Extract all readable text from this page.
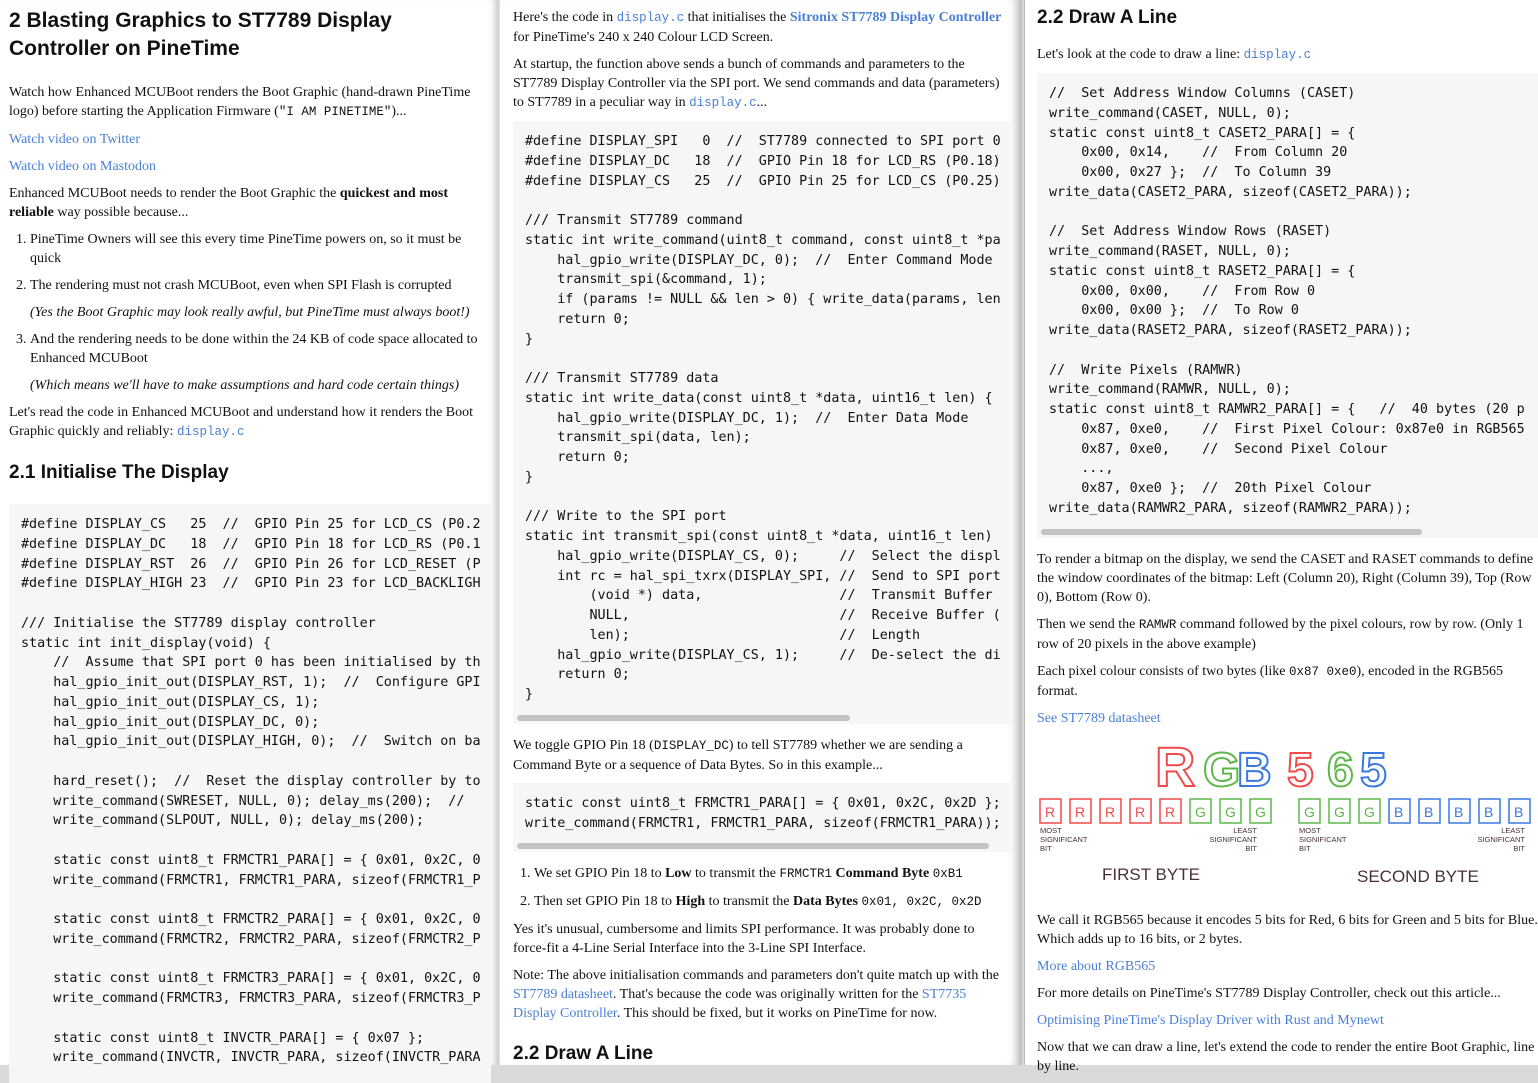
2 Blasting Graphics to ST7789 Display Controller on PineTime
Watch how Enhanced MCUBoot renders the Boot Graphic (hand-drawn PineTime logo) before starting the Application Firmware ("I AM PINETIME")...
Watch video on Twitter
Watch video on Mastodon
Enhanced MCUBoot needs to render the Boot Graphic the quickest and most reliable way possible because...
1. PineTime Owners will see this every time PineTime powers on, so it must be quick
2. The rendering must not crash MCUBoot, even when SPI Flash is corrupted
(Yes the Boot Graphic may look really awful, but PineTime must always boot!)
3. And the rendering needs to be done within the 24 KB of code space allocated to Enhanced MCUBoot
(Which means we'll have to make assumptions and hard code certain things)
Let's read the code in Enhanced MCUBoot and understand how it renders the Boot Graphic quickly and reliably: display.c
2.1 Initialise The Display
#define DISPLAY_CS   25  //  GPIO Pin 25 for LCD_CS (P0.2
#define DISPLAY_DC   18  //  GPIO Pin 18 for LCD_RS (P0.1
#define DISPLAY_RST  26  //  GPIO Pin 26 for LCD_RESET (P
#define DISPLAY_HIGH 23  //  GPIO Pin 23 for LCD_BACKLIGH

/// Initialise the ST7789 display controller
static int init_display(void) {
//  Assume that SPI port 0 has been initialised by th
hal_gpio_init_out(DISPLAY_RST, 1);  //  Configure GPI
hal_gpio_init_out(DISPLAY_CS, 1);
hal_gpio_init_out(DISPLAY_DC, 0);
hal_gpio_init_out(DISPLAY_HIGH, 0);  //  Switch on ba

hard_reset();  //  Reset the display controller by to
write_command(SWRESET, NULL, 0); delay_ms(200);  //
write_command(SLPOUT, NULL, 0); delay_ms(200);

static const uint8_t FRMCTR1_PARA[] = { 0x01, 0x2C, 0
write_command(FRMCTR1, FRMCTR1_PARA, sizeof(FRMCTR1_P

static const uint8_t FRMCTR2_PARA[] = { 0x01, 0x2C, 0
write_command(FRMCTR2, FRMCTR2_PARA, sizeof(FRMCTR2_P

static const uint8_t FRMCTR3_PARA[] = { 0x01, 0x2C, 0
write_command(FRMCTR3, FRMCTR3_PARA, sizeof(FRMCTR3_P

static const uint8_t INVCTR_PARA[] = { 0x07 };
write_command(INVCTR, INVCTR_PARA, sizeof(INVCTR_PARA
Here's the code in display.c that initialises the Sitronix ST7789 Display Controller for PineTime's 240 x 240 Colour LCD Screen.
At startup, the function above sends a bunch of commands and parameters to the ST7789 Display Controller via the SPI port. We send commands and data (parameters) to ST7789 in a peculiar way in display.c...
#define DISPLAY_SPI   0  //  ST7789 connected to SPI port 0
#define DISPLAY_DC   18  //  GPIO Pin 18 for LCD_RS (P0.18)
#define DISPLAY_CS   25  //  GPIO Pin 25 for LCD_CS (P0.25)

/// Transmit ST7789 command
static int write_command(uint8_t command, const uint8_t *pa
hal_gpio_write(DISPLAY_DC, 0);  //  Enter Command Mode
transmit_spi(&command, 1);
if (params != NULL && len > 0) { write_data(params, len
return 0;
}

/// Transmit ST7789 data
static int write_data(const uint8_t *data, uint16_t len) {
hal_gpio_write(DISPLAY_DC, 1);  //  Enter Data Mode
transmit_spi(data, len);
return 0;
}

/// Write to the SPI port
static int transmit_spi(const uint8_t *data, uint16_t len)
hal_gpio_write(DISPLAY_CS, 0);     //  Select the displ
int rc = hal_spi_txrx(DISPLAY_SPI, //  Send to SPI port
(void *) data,                 //  Transmit Buffer
NULL,                          //  Receive Buffer (
len);                          //  Length
hal_gpio_write(DISPLAY_CS, 1);     //  De-select the di
return 0;
}
We toggle GPIO Pin 18 (DISPLAY_DC) to tell ST7789 whether we are sending a Command Byte or a sequence of Data Bytes. So in this example...
static const uint8_t FRMCTR1_PARA[] = { 0x01, 0x2C, 0x2D };
write_command(FRMCTR1, FRMCTR1_PARA, sizeof(FRMCTR1_PARA));
1. We set GPIO Pin 18 to Low to transmit the FRMCTR1 Command Byte 0xB1
2. Then set GPIO Pin 18 to High to transmit the Data Bytes 0x01, 0x2C, 0x2D
Yes it's unusual, cumbersome and limits SPI performance. It was probably done to force-fit a 4-Line Serial Interface into the 3-Line SPI Interface.
Note: The above initialisation commands and parameters don't quite match up with the ST7789 datasheet. That's because the code was originally written for the ST7735 Display Controller. This should be fixed, but it works on PineTime for now.
2.2 Draw A Line
2.2 Draw A Line
Let's look at the code to draw a line: display.c
//  Set Address Window Columns (CASET)
write_command(CASET, NULL, 0);
static const uint8_t CASET2_PARA[] = {
0x00, 0x14,    //  From Column 20
0x00, 0x27 };  //  To Column 39
write_data(CASET2_PARA, sizeof(CASET2_PARA));

//  Set Address Window Rows (RASET)
write_command(RASET, NULL, 0);
static const uint8_t RASET2_PARA[] = {
0x00, 0x00,    //  From Row 0
0x00, 0x00 };  //  To Row 0
write_data(RASET2_PARA, sizeof(RASET2_PARA));

//  Write Pixels (RAMWR)
write_command(RAMWR, NULL, 0);
static const uint8_t RAMWR2_PARA[] = {   //  40 bytes (20 p
0x87, 0xe0,    //  First Pixel Colour: 0x87e0 in RGB565
0x87, 0xe0,    //  Second Pixel Colour
...,
0x87, 0xe0 };  //  20th Pixel Colour
write_data(RAMWR2_PARA, sizeof(RAMWR2_PARA));
To render a bitmap on the display, we send the CASET and RASET commands to define the window coordinates of the bitmap: Left (Column 20), Right (Column 39), Top (Row 0), Bottom (Row 0).
Then we send the RAMWR command followed by the pixel colours, row by row. (Only 1 row of 20 pixels in the above example)
Each pixel colour consists of two bytes (like 0x87 0xe0), encoded in the RGB565 format.
See ST7789 datasheet
R G
B 5 6 5
R R R R R G G G	G G G B B B B B
MOST
SIGNIFICANT
BIT
LEAST
SIGNIFICANT
BIT
MOST
SIGNIFICANT
BIT
LEAST
SIGNIFICANT
BIT
FIRST BYTE	SECOND BYTE
We call it RGB565 because it encodes 5 bits for Red, 6 bits for Green and 5 bits for Blue. Which adds up to 16 bits, or 2 bytes.
More about RGB565
For more details on PineTime's ST7789 Display Controller, check out this article...
Optimising PineTime's Display Driver with Rust and Mynewt
Now that we can draw a line, let's extend the code to render the entire Boot Graphic, line by line.
